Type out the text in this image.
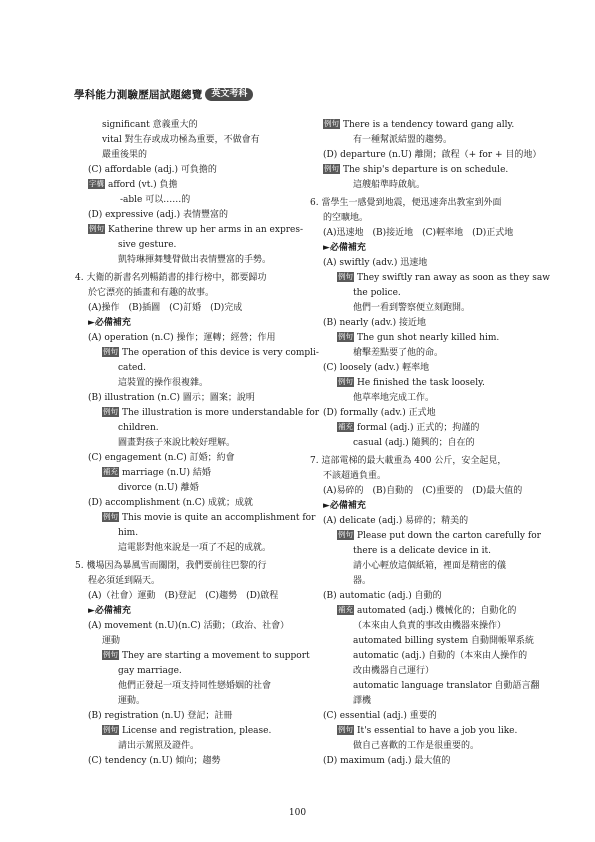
學科能力測驗歷屆試題總覽	英文考科
significant 意義重大的
vital 對生存或成功極為重要，不做會有
嚴重後果的
(C) affordable (adj.) 可負擔的
字構 afford (vt.) 負擔
-able 可以……的
(D) expressive (adj.) 表情豐富的
例句 Katherine threw up her arms in an expres-
sive gesture.
凱特琳揮舞雙臂做出表情豐富的手勢。
4. 大衛的新書名列暢銷書的排行榜中，都要歸功
於它漂亮的插畫和有趣的故事。
(A)操作　(B)插圖　(C)訂婚　(D)完成
►必備補充
(A) operation (n.C) 操作；運轉；經營；作用
例句 The operation of this device is very compli-
cated.
這裝置的操作很複雜。
(B) illustration (n.C) 圖示；圖案；說明
例句 The illustration is more understandable for
children.
圖畫對孩子來說比較好理解。
(C) engagement (n.C) 訂婚；約會
補充 marriage (n.U) 結婚
divorce (n.U) 離婚
(D) accomplishment (n.C) 成就；成就
例句 This movie is quite an accomplishment for
him.
這電影對他來說是一項了不起的成就。
5. 機場因為暴風雪而關閉，我們要前往巴黎的行
程必須延到隔天。
(A)（社會）運動　(B)登記　(C)趨勢　(D)啟程
►必備補充
(A) movement (n.U)(n.C) 活動；（政治、社會）
運動
例句 They are starting a movement to support
gay marriage.
他們正發起一項支持同性戀婚姻的社會
運動。
(B) registration (n.U) 登記；註冊
例句 License and registration, please.
請出示駕照及證件。
(C) tendency (n.U) 傾向；趨勢
例句 There is a tendency toward gang ally.
有一種幫派結盟的趨勢。
(D) departure (n.U) 離開；啟程（+ for + 目的地）
例句 The ship's departure is on schedule.
這艘船準時啟航。
6. 當學生一感覺到地震，便迅速奔出教室到外面
的空曠地。
(A)迅速地　(B)接近地　(C)輕率地　(D)正式地
►必備補充
(A) swiftly (adv.) 迅速地
例句 They swiftly ran away as soon as they saw
the police.
他們一看到警察便立刻跑開。
(B) nearly (adv.) 接近地
例句 The gun shot nearly killed him.
槍擊差點要了他的命。
(C) loosely (adv.) 輕率地
例句 He finished the task loosely.
他草率地完成工作。
(D) formally (adv.) 正式地
補充 formal (adj.) 正式的；拘謹的
casual (adj.) 隨興的；自在的
7. 這部電梯的最大載重為 400 公斤，安全起見，
不該超過負重。
(A)易碎的　(B)自動的　(C)重要的　(D)最大值的
►必備補充
(A) delicate (adj.) 易碎的；精美的
例句 Please put down the carton carefully for
there is a delicate device in it.
請小心輕放這個紙箱，裡面是精密的儀
器。
(B) automatic (adj.) 自動的
補充 automated (adj.) 機械化的；自動化的
（本來由人負責的事改由機器來操作）
automated billing system 自動開帳單系統
automatic (adj.) 自動的（本來由人操作的
改由機器自己運行）
automatic language translator 自動語言翻
譯機
(C) essential (adj.) 重要的
例句 It's essential to have a job you like.
做自己喜歡的工作是很重要的。
(D) maximum (adj.) 最大值的
100
